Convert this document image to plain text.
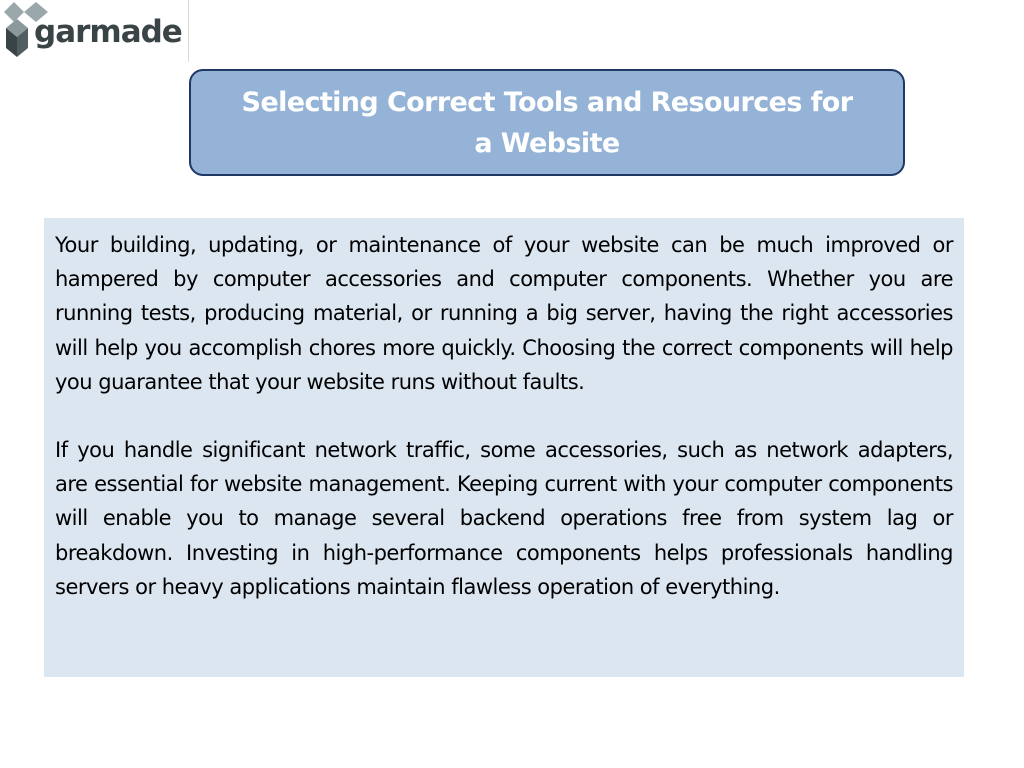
garmade
Selecting Correct Tools and Resources for a Website

Your building, updating, or maintenance of your website can be much improved or hampered by computer accessories and computer components. Whether you are running tests, producing material, or running a big server, having the right accessories will help you accomplish chores more quickly. Choosing the correct components will help you guarantee that your website runs without faults.

If you handle significant network traffic, some accessories, such as network adapters, are essential for website management. Keeping current with your computer components will enable you to manage several backend operations free from system lag or breakdown. Investing in high-performance components helps professionals handling servers or heavy applications maintain flawless operation of everything.
